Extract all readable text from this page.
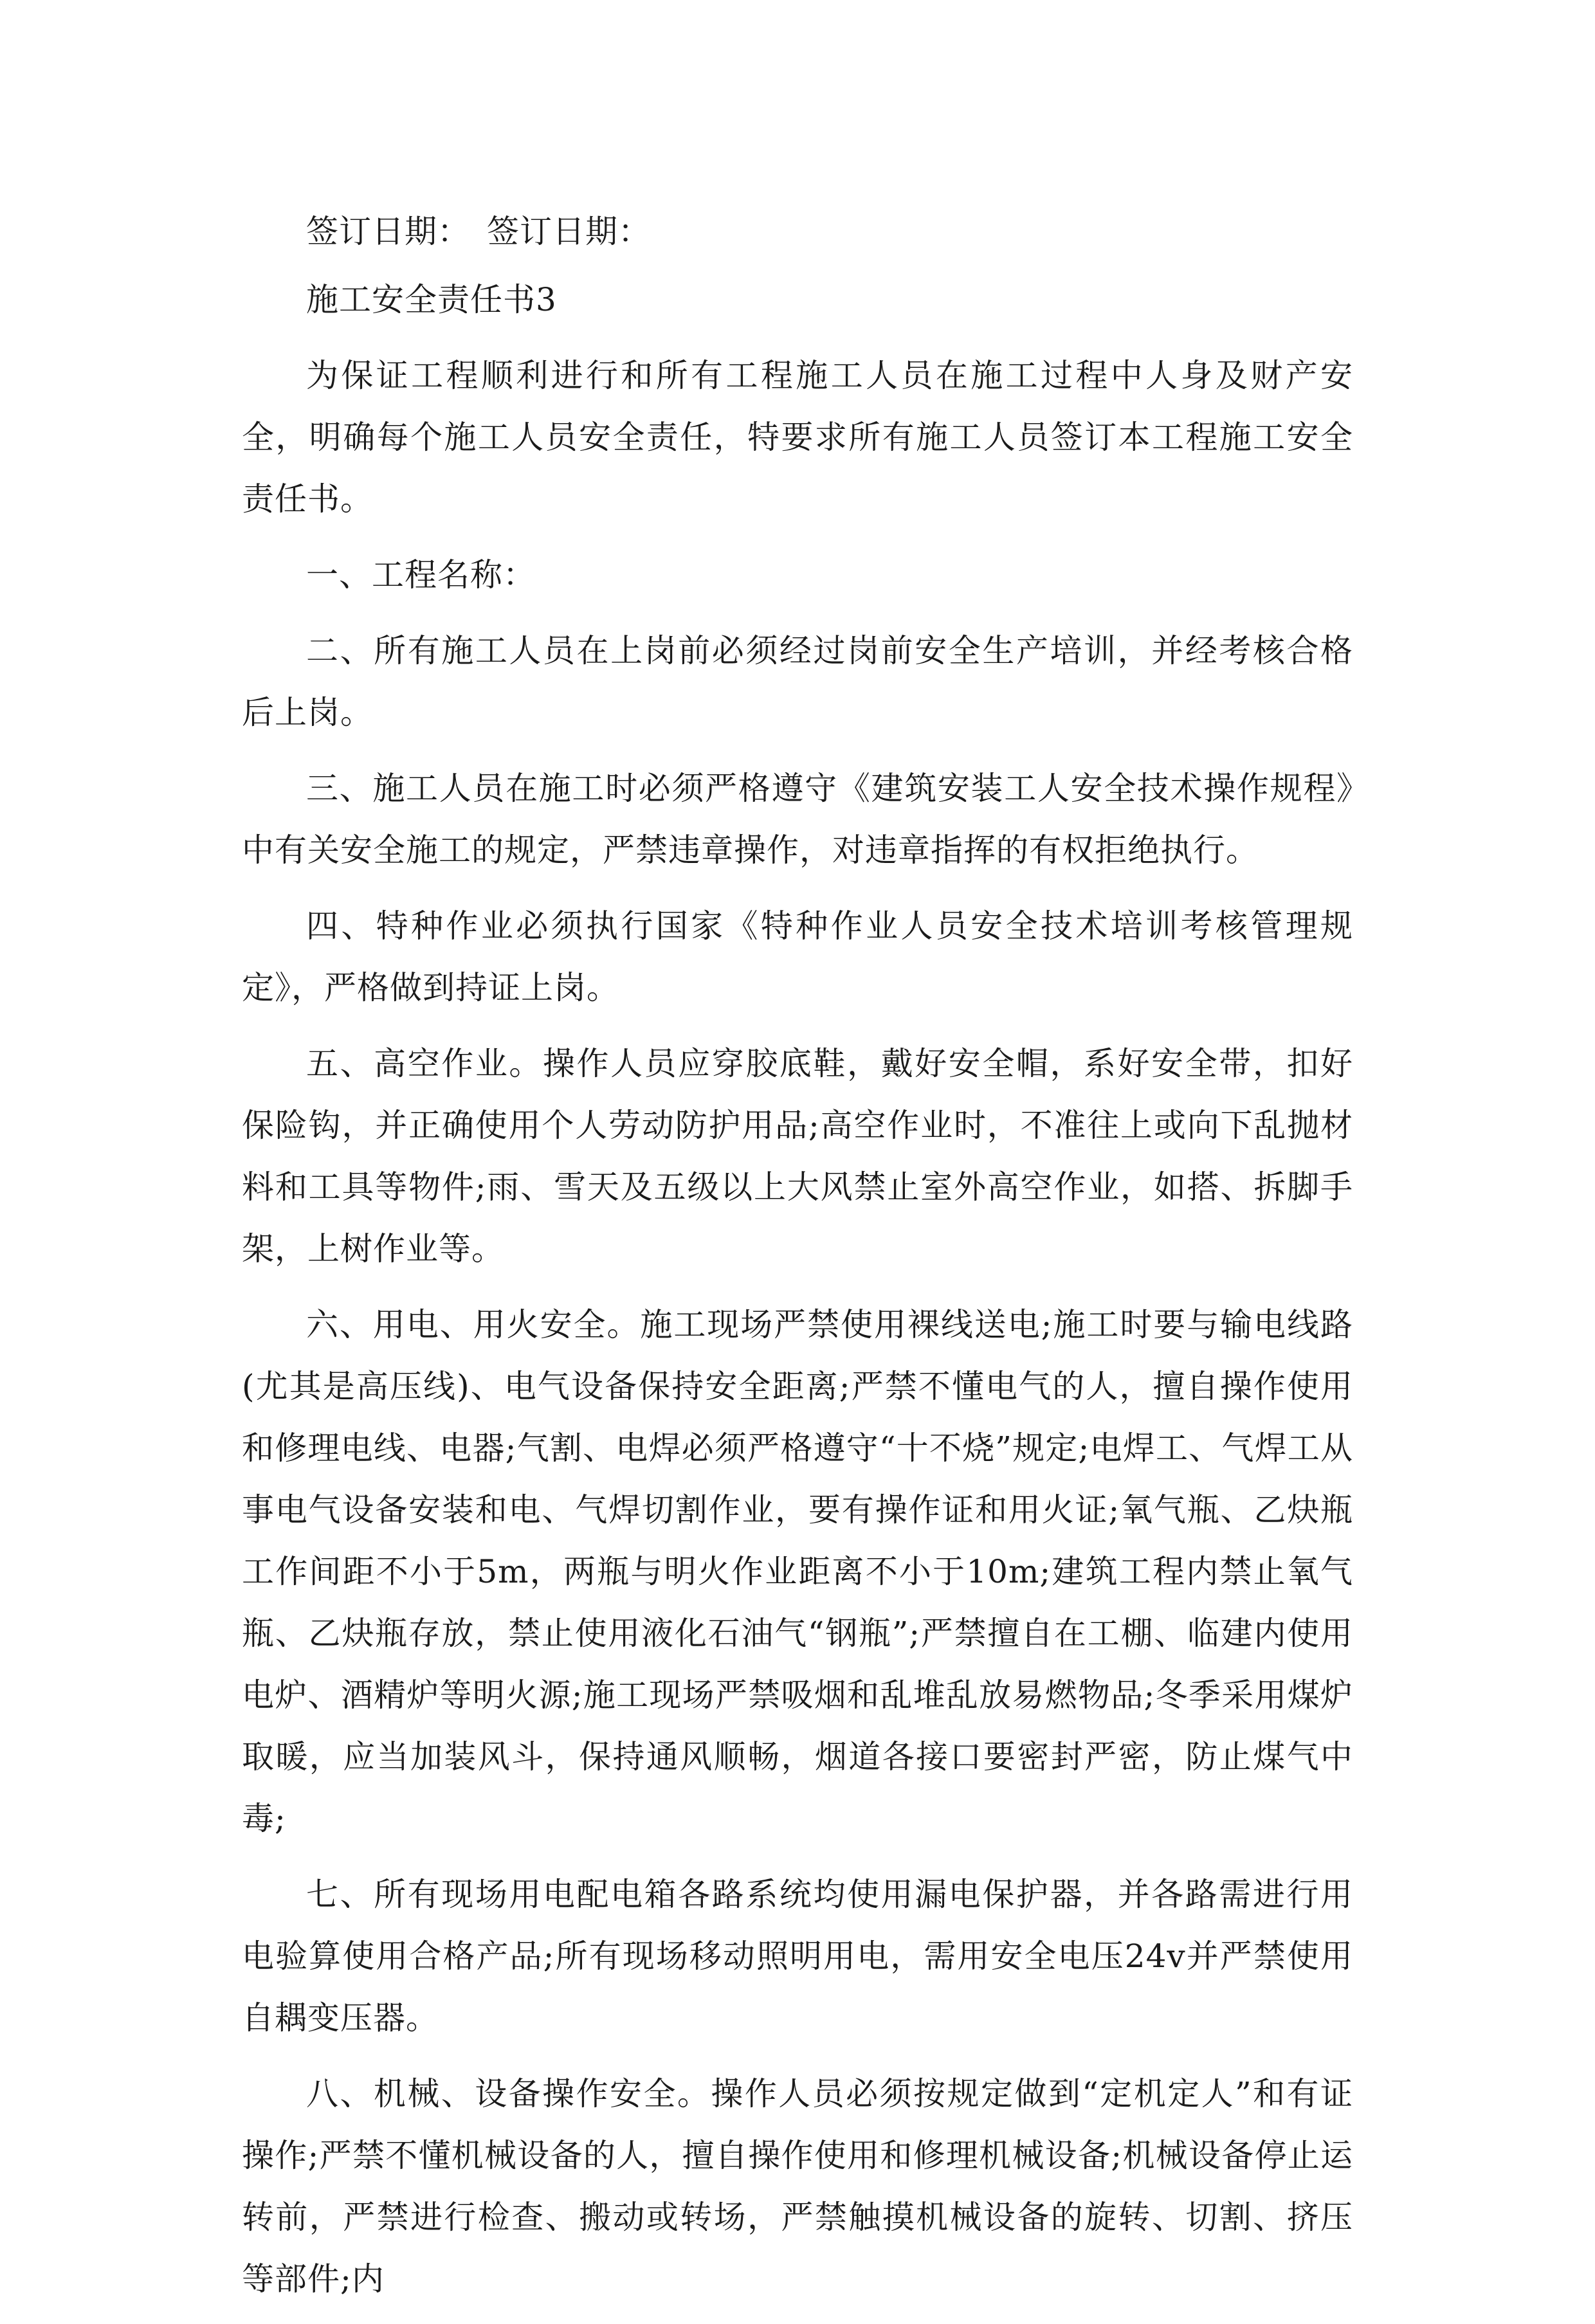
签订日期：　签订日期：

施工安全责任书3

为保证工程顺利进行和所有工程施工人员在施工过程中人身及财产安全，明确每个施工人员安全责任，特要求所有施工人员签订本工程施工安全责任书。

一、工程名称：

二、所有施工人员在上岗前必须经过岗前安全生产培训，并经考核合格后上岗。

三、施工人员在施工时必须严格遵守《建筑安装工人安全技术操作规程》中有关安全施工的规定，严禁违章操作，对违章指挥的有权拒绝执行。

四、特种作业必须执行国家《特种作业人员安全技术培训考核管理规定》，严格做到持证上岗。

五、高空作业。操作人员应穿胶底鞋，戴好安全帽，系好安全带，扣好保险钩，并正确使用个人劳动防护用品;高空作业时，不准往上或向下乱抛材料和工具等物件;雨、雪天及五级以上大风禁止室外高空作业，如搭、拆脚手架，上树作业等。

六、用电、用火安全。施工现场严禁使用裸线送电;施工时要与输电线路(尤其是高压线)、电气设备保持安全距离;严禁不懂电气的人，擅自操作使用和修理电线、电器;气割、电焊必须严格遵守“十不烧”规定;电焊工、气焊工从事电气设备安装和电、气焊切割作业，要有操作证和用火证;氧气瓶、乙炔瓶工作间距不小于5m，两瓶与明火作业距离不小于10m;建筑工程内禁止氧气瓶、乙炔瓶存放，禁止使用液化石油气“钢瓶”;严禁擅自在工棚、临建内使用电炉、酒精炉等明火源;施工现场严禁吸烟和乱堆乱放易燃物品;冬季采用煤炉取暖，应当加装风斗，保持通风顺畅，烟道各接口要密封严密，防止煤气中毒;

七、所有现场用电配电箱各路系统均使用漏电保护器，并各路需进行用电验算使用合格产品;所有现场移动照明用电，需用安全电压24v并严禁使用自耦变压器。

八、机械、设备操作安全。操作人员必须按规定做到“定机定人”和有证操作;严禁不懂机械设备的人，擅自操作使用和修理机械设备;机械设备停止运转前，严禁进行检查、搬动或转场，严禁触摸机械设备的旋转、切割、挤压等部件;内
